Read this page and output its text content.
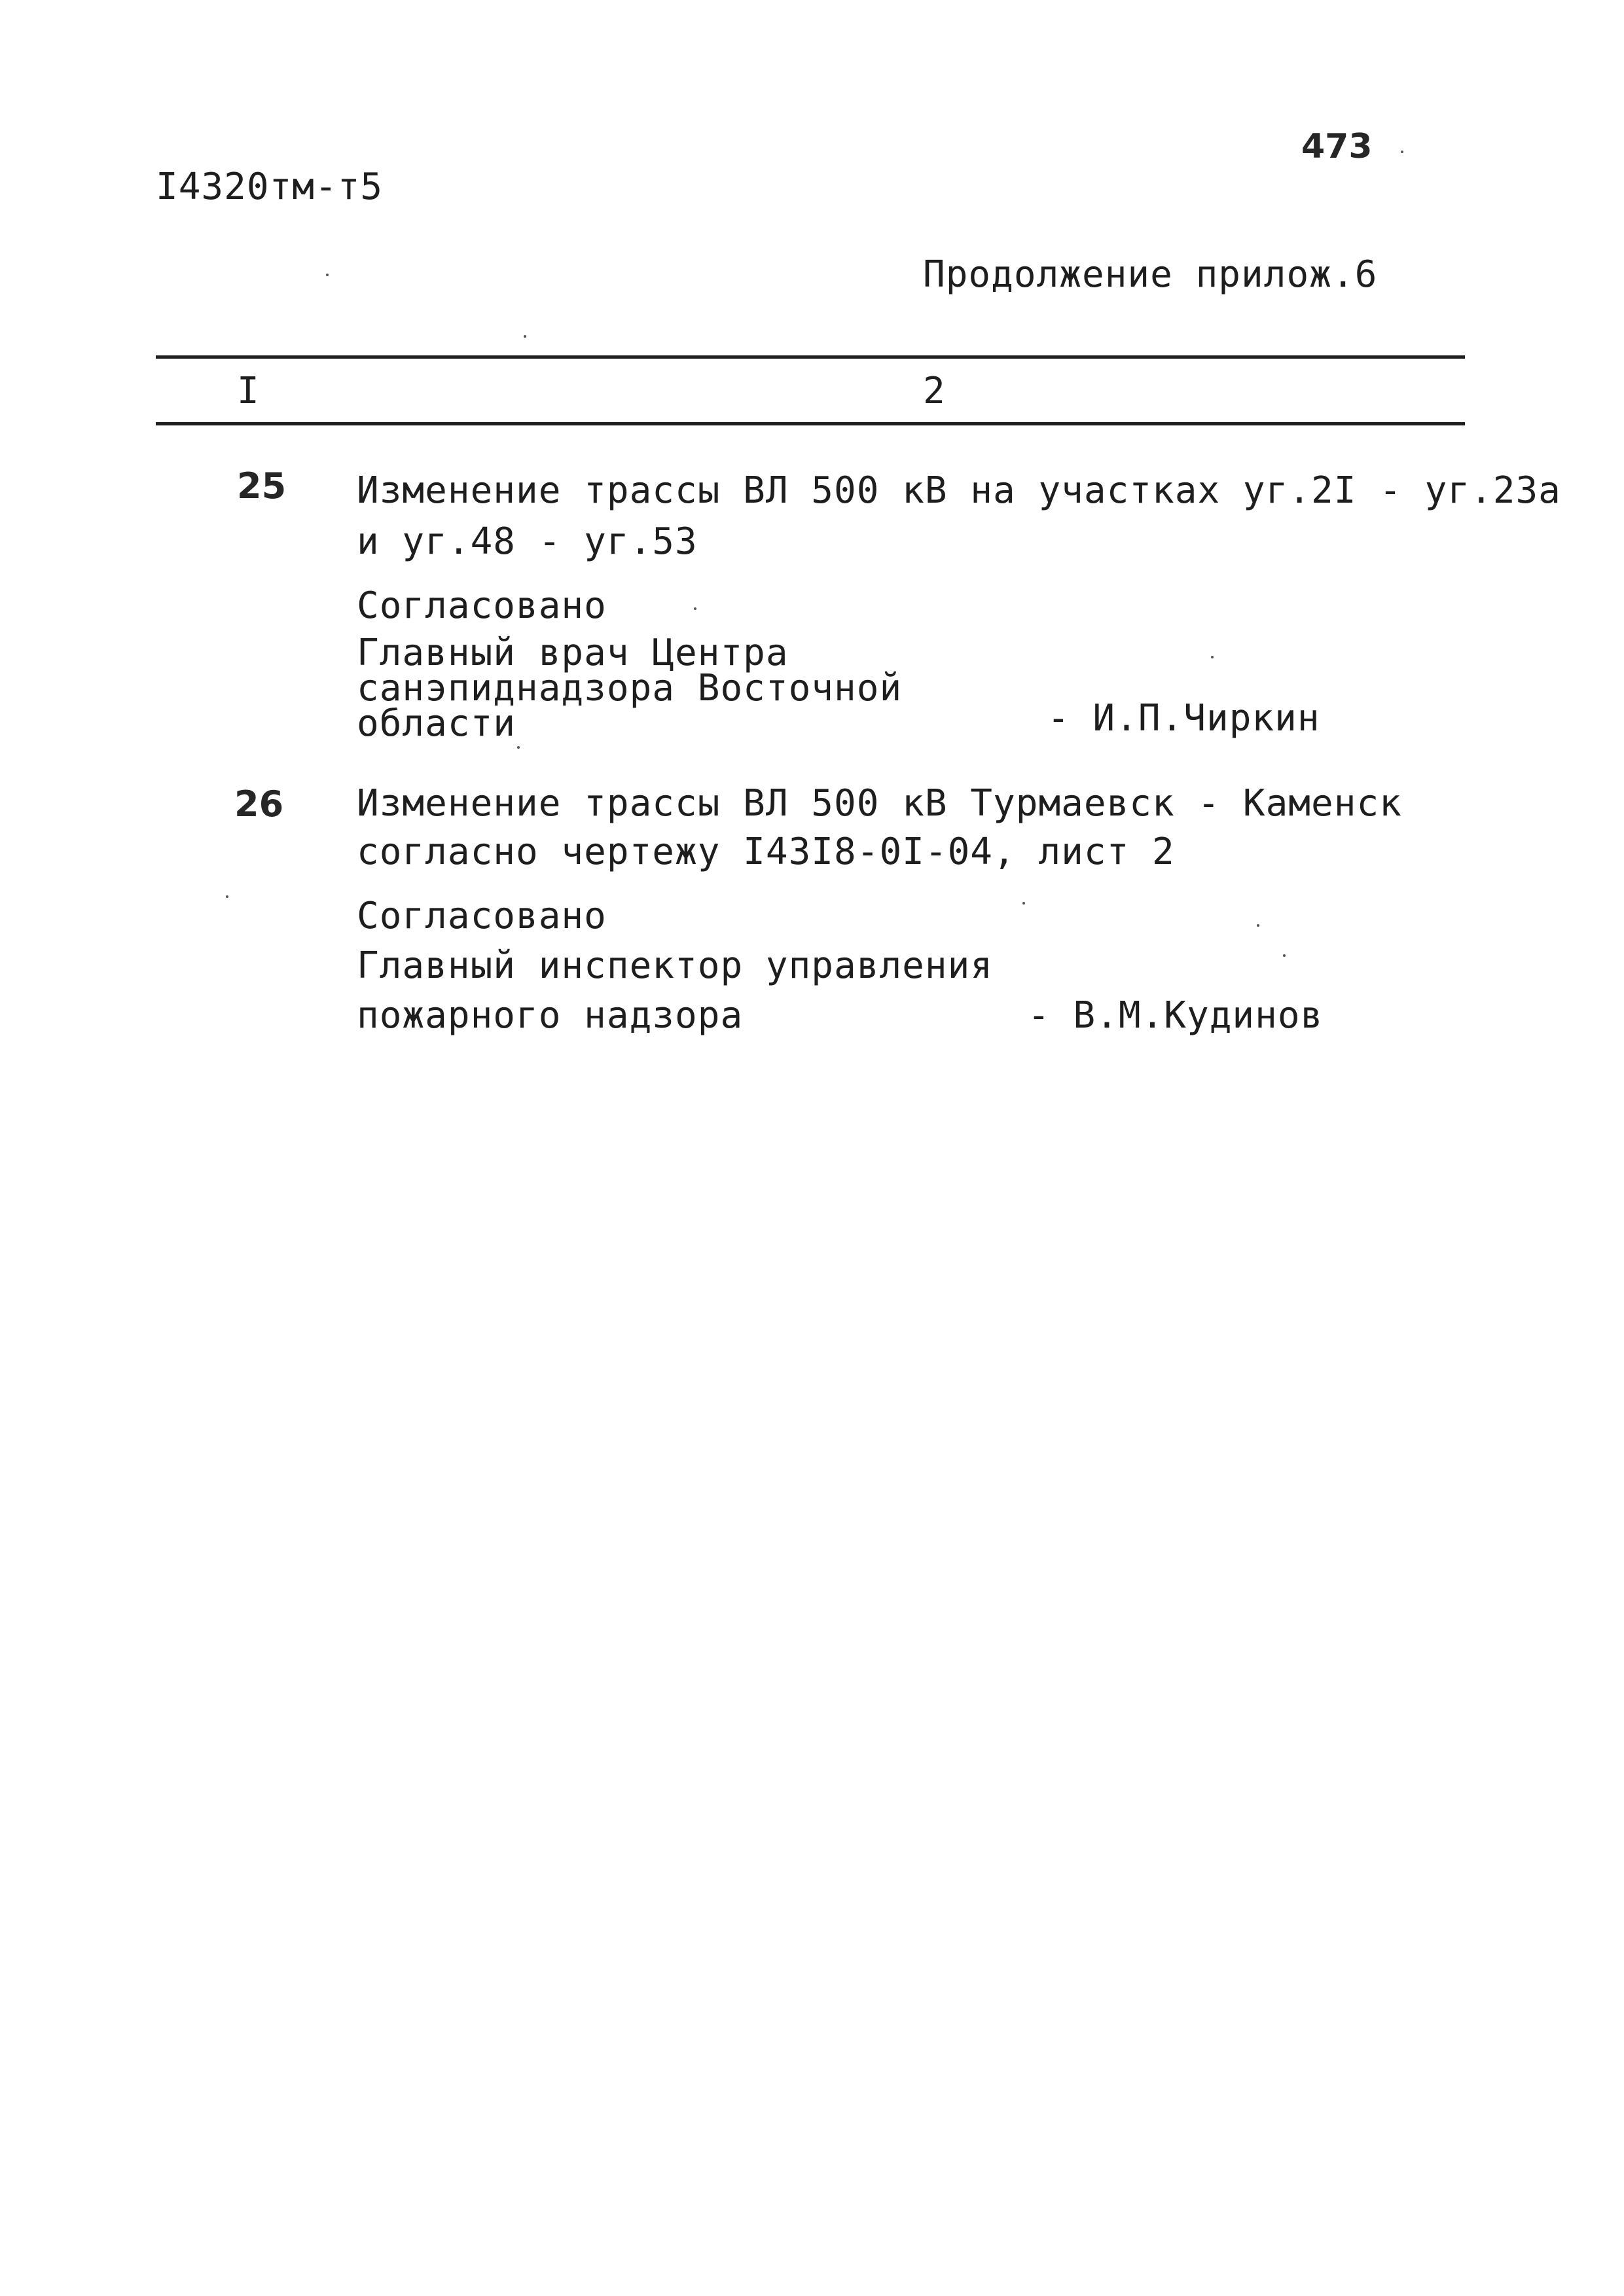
I4320тм-т5
473
Продолжение прилож.6
I	2
25 Изменение трассы ВЛ 500 кВ на участках уг.2I - уг.23а
и уг.48 - уг.53
Согласовано
Главный врач Центра
санэпиднадзора Восточной
области	- И.П.Чиркин
26 Изменение трассы ВЛ 500 кВ Турмаевск - Каменск
согласно чертежу I43I8-0I-04, лист 2
Согласовано
Главный инспектор управления
пожарного надзора	- В.М.Кудинов
